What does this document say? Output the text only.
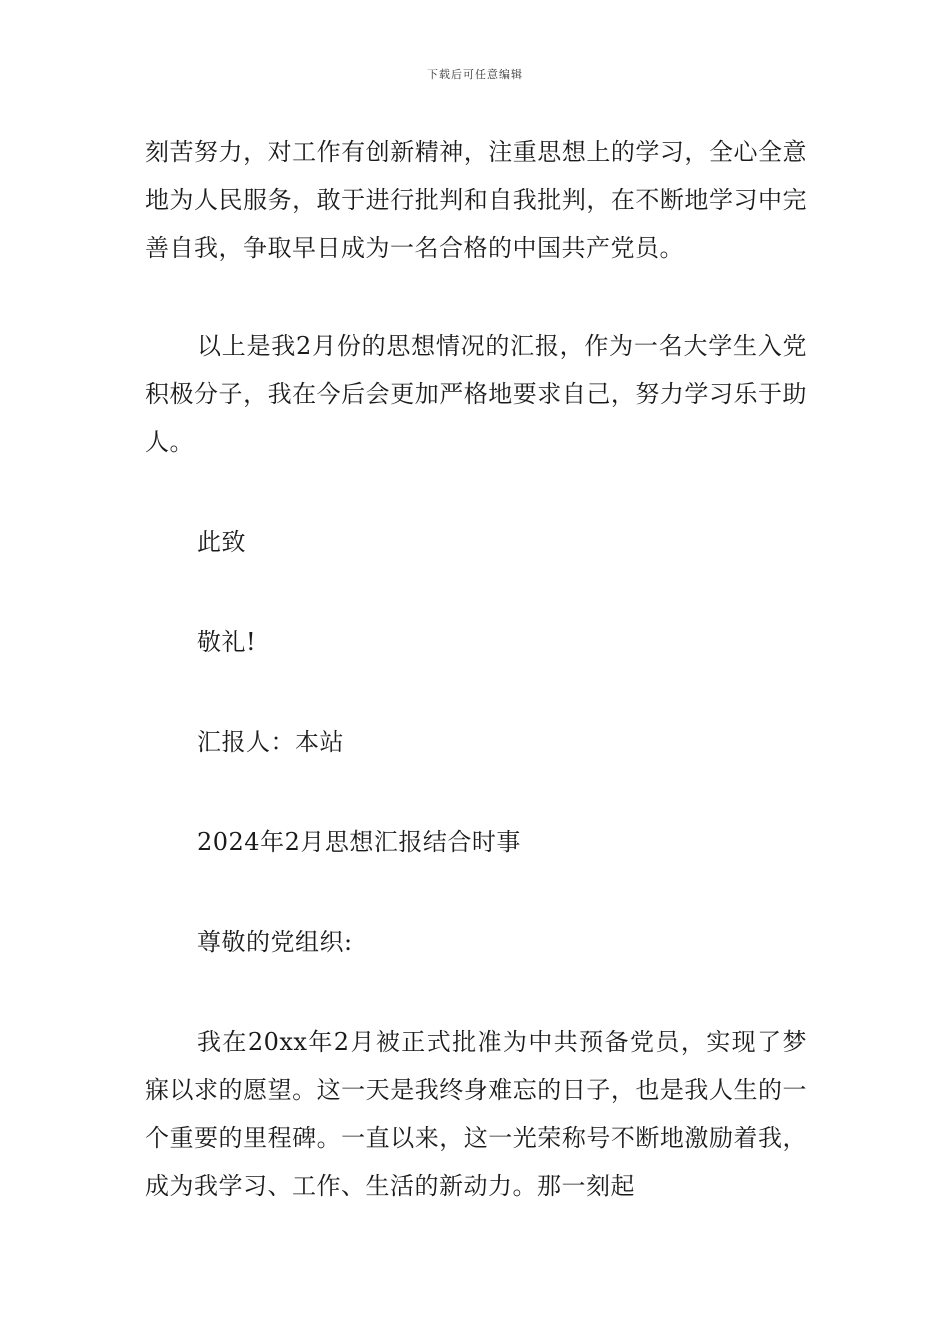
下载后可任意编辑

刻苦努力，对工作有创新精神，注重思想上的学习，全心全意地为人民服务，敢于进行批判和自我批判，在不断地学习中完善自我，争取早日成为一名合格的中国共产党员。

以上是我2月份的思想情况的汇报，作为一名大学生入党积极分子，我在今后会更加严格地要求自己，努力学习乐于助人。

此致

敬礼!

汇报人：本站

2024年2月思想汇报结合时事

尊敬的党组织:

我在20xx年2月被正式批准为中共预备党员，实现了梦寐以求的愿望。这一天是我终身难忘的日子，也是我人生的一个重要的里程碑。一直以来，这一光荣称号不断地激励着我，成为我学习、工作、生活的新动力。那一刻起
